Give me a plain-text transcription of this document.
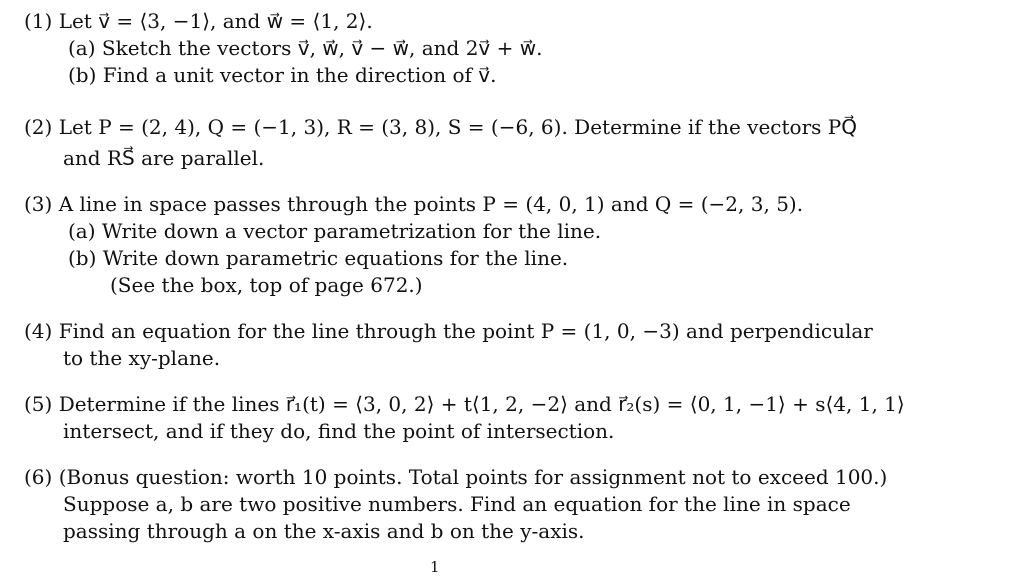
(1) Let v⃗ = ⟨3, −1⟩, and w⃗ = ⟨1, 2⟩.
(a) Sketch the vectors v⃗, w⃗, v⃗ − w⃗, and 2v⃗ + w⃗.
(b) Find a unit vector in the direction of v⃗.
(2) Let P = (2, 4), Q = (−1, 3), R = (3, 8), S = (−6, 6). Determine if the vectors PQ⃗
and RS⃗ are parallel.
(3) A line in space passes through the points P = (4, 0, 1) and Q = (−2, 3, 5).
(a) Write down a vector parametrization for the line.
(b) Write down parametric equations for the line.
(See the box, top of page 672.)
(4) Find an equation for the line through the point P = (1, 0, −3) and perpendicular
to the xy-plane.
(5) Determine if the lines r⃗₁(t) = ⟨3, 0, 2⟩ + t⟨1, 2, −2⟩ and r⃗₂(s) = ⟨0, 1, −1⟩ + s⟨4, 1, 1⟩
intersect, and if they do, find the point of intersection.
(6) (Bonus question: worth 10 points. Total points for assignment not to exceed 100.)
Suppose a, b are two positive numbers. Find an equation for the line in space
passing through a on the x-axis and b on the y-axis.
1
